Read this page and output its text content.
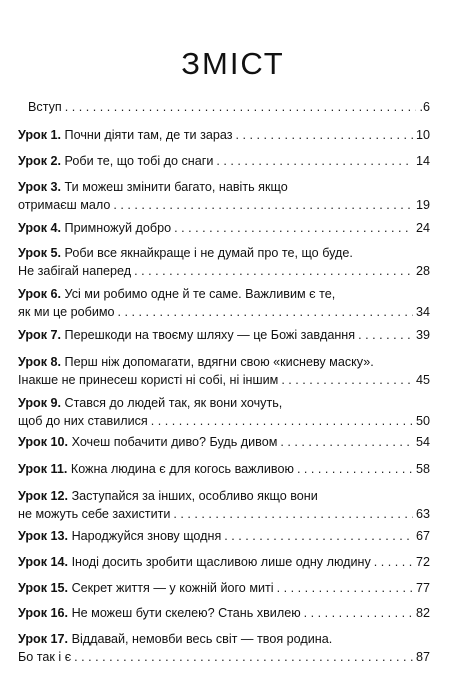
ЗМІСТ
Вступ . . .	.6
Урок 1. Почни діяти там, де ти зараз . . .	10
Урок 2. Роби те, що тобі до снаги . . .	14
Урок 3. Ти можеш змінити багато, навіть якщо
отримаєш мало . . .	19
Урок 4. Примножуй добро . . .	24
Урок 5. Роби все якнайкраще і не думай про те, що буде.
Не забігай наперед . . .	28
Урок 6. Усі ми робимо одне й те саме. Важливим є те,
як ми це робимо . . .	34
Урок 7. Перешкоди на твоєму шляху — це Божі завдання . . .	39
Урок 8. Перш ніж допомагати, вдягни свою «кисневу маску».
Інакше не принесеш користі ні собі, ні іншим . . .	45
Урок 9. Стався до людей так, як вони хочуть,
щоб до них ставилися . . .	50
Урок 10. Хочеш побачити диво? Будь дивом . . .	54
Урок 11. Кожна людина є для когось важливою . . .	58
Урок 12. Заступайся за інших, особливо якщо вони
не можуть себе захистити . . .	63
Урок 13. Народжуйся знову щодня . . .	67
Урок 14. Іноді досить зробити щасливою лише одну людину . . .	72
Урок 15. Секрет життя — у кожній його миті . . .	77
Урок 16. Не можеш бути скелею? Стань хвилею . . .	82
Урок 17. Віддавай, немовби весь світ — твоя родина.
Бо так і є . . .	87
